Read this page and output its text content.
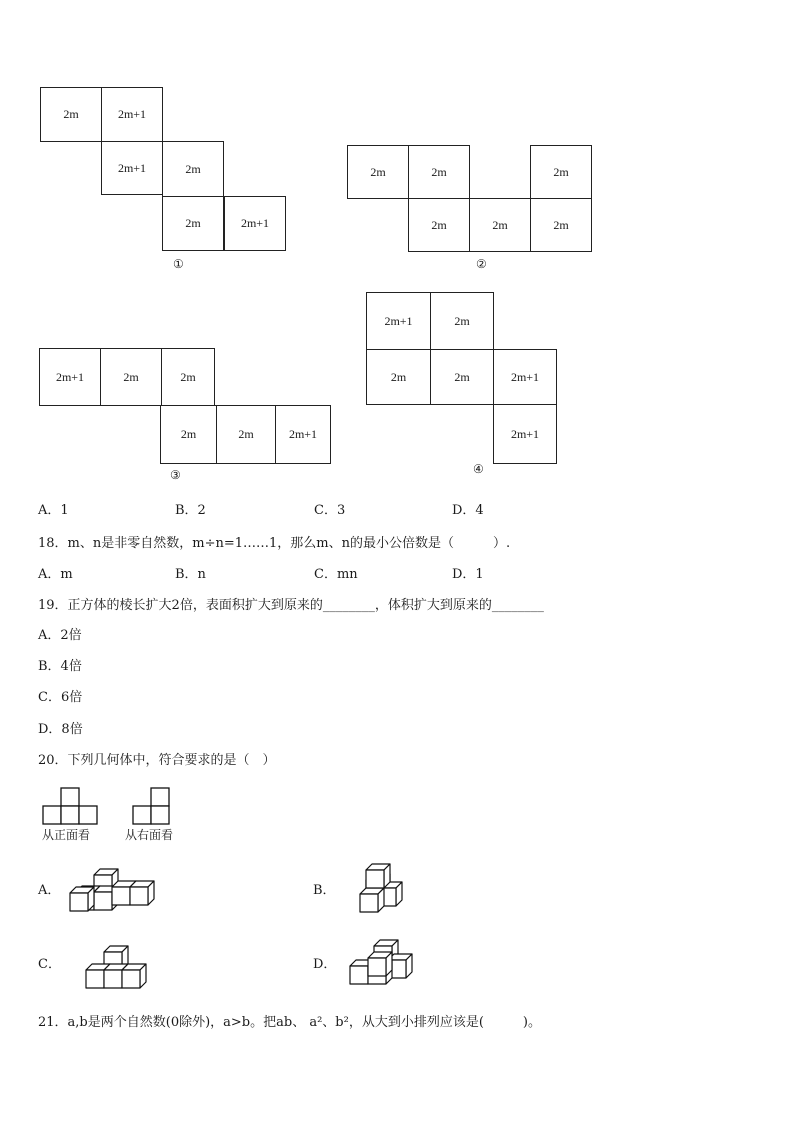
2m	2m+1
2m+1	2m
2m	2m+1
①
2m	2m	2m
2m	2m	2m
②
2m+1	2m	2m
2m	2m	2m+1
③
2m+1	2m
2m	2m	2m+1
2m+1
④
A．1	B．2	C．3	D．4
18．m、n是非零自然数，m÷n=1……1，那么m、n的最小公倍数是（　　　）.
A．m	B．n	C．mn	D．1
19．正方体的棱长扩大2倍，表面积扩大到原来的________，体积扩大到原来的________
A．2倍
B．4倍
C．6倍
D．8倍
20．下列几何体中，符合要求的是（　）
从正面看	从右面看
A．	B．
C．	D．
21．a,b是两个自然数(0除外)，a>b。把ab、 a²、b²，从大到小排列应该是(　　　)。
